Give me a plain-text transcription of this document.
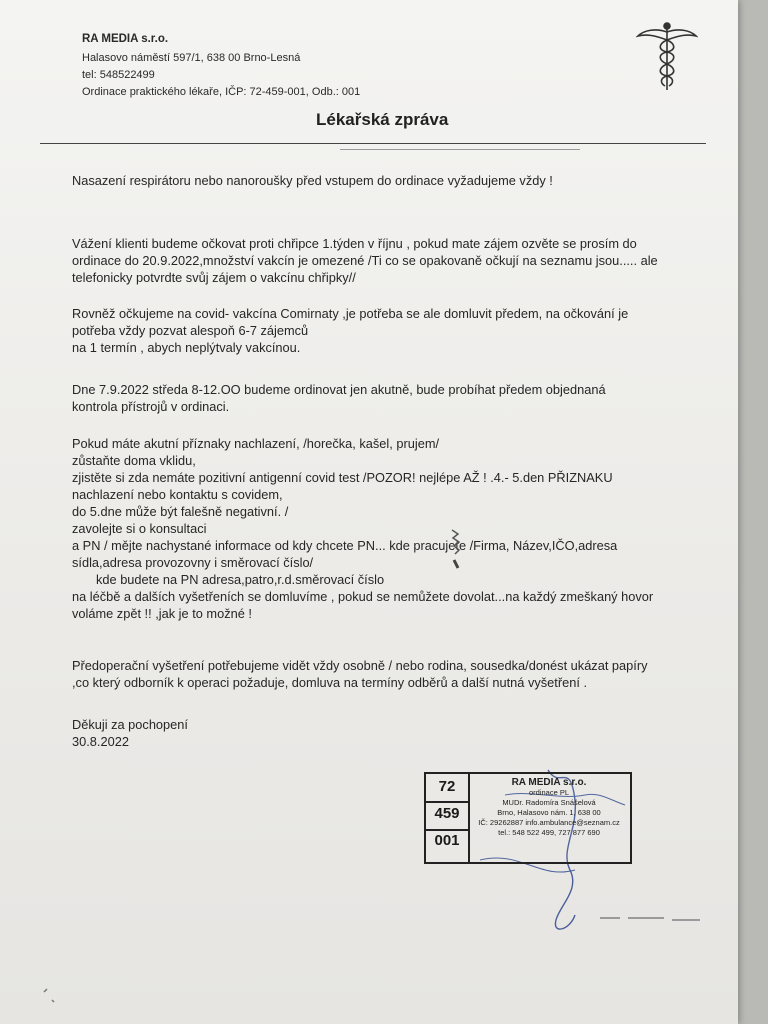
RA MEDIA s.r.o.
Halasovo náměstí 597/1, 638 00 Brno-Lesná
tel: 548522499
Ordinace praktického lékaře, IČP: 72-459-001, Odb.: 001
Lékařská zpráva
Nasazení respirátoru nebo nanoroušky před vstupem do ordinace vyžadujeme vždy !
Vážení klienti budeme očkovat proti chřipce 1.týden v říjnu , pokud mate zájem ozvěte se prosím do
ordinace do 20.9.2022,množství vakcín je omezené /Ti co se opakovaně očkují na seznamu jsou..... ale
telefonicky potvrdte svůj zájem o vakcínu chřipky//
Rovněž očkujeme na covid- vakcína Comirnaty ,je potřeba se ale domluvit předem, na očkování je
potřeba vždy pozvat alespoň 6-7 zájemců
na 1 termín , abych neplýtvaly vakcínou.
Dne 7.9.2022 středa 8-12.OO budeme ordinovat jen akutně, bude probíhat předem objednaná
kontrola přístrojů v ordinaci.
Pokud máte akutní příznaky nachlazení, /horečka, kašel, prujem/
zůstaňte doma vklidu,
zjistěte si zda nemáte pozitivní antigenní covid test /POZOR! nejlépe AŽ ! .4.- 5.den PŘIZNAKU
nachlazení nebo kontaktu s covidem,
do 5.dne může být falešně negativní. /
zavolejte si o konsultaci
a PN / mějte nachystané informace od kdy chcete PN... kde pracujete /Firma, Název,IČO,adresa
sídla,adresa provozovny i směrovací číslo/
kde budete na PN adresa,patro,r.d.směrovací číslo
na léčbě a dalších vyšetřeních se domluvíme , pokud se nemůžete dovolat...na každý zmeškaný hovor
voláme zpět !! ,jak je to možné !
Předoperační vyšetření potřebujeme vidět vždy osobně / nebo rodina, sousedka/donést ukázat papíry
,co který odborník k operaci požaduje, domluva na termíny odběrů a další nutná vyšetření .
Děkuji za pochopení
30.8.2022
72
459
001
RA MEDIA s.r.o.
ordinace PL
MUDr. Radomíra Snášelová
Brno, Halasovo nám. 1, 638 00
IČ: 29262887 info.ambulance@seznam.cz
tel.: 548 522 499, 727 877 690
